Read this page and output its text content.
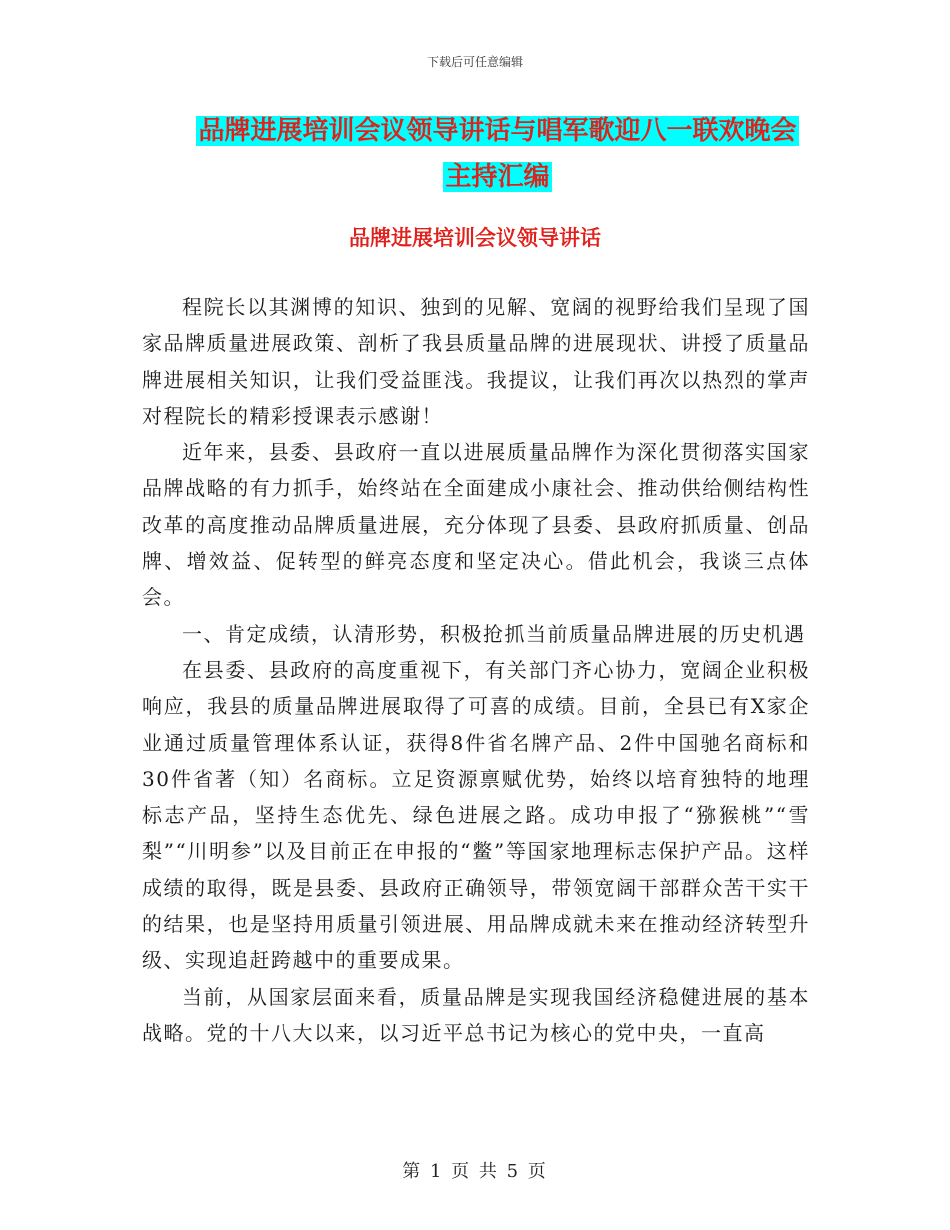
下载后可任意编辑
品牌进展培训会议领导讲话与唱军歌迎八一联欢晚会
主持汇编
品牌进展培训会议领导讲话

程院长以其渊博的知识、独到的见解、宽阔的视野给我们呈现了国家品牌质量进展政策、剖析了我县质量品牌的进展现状、讲授了质量品牌进展相关知识，让我们受益匪浅。我提议，让我们再次以热烈的掌声对程院长的精彩授课表示感谢！

近年来，县委、县政府一直以进展质量品牌作为深化贯彻落实国家品牌战略的有力抓手，始终站在全面建成小康社会、推动供给侧结构性改革的高度推动品牌质量进展，充分体现了县委、县政府抓质量、创品牌、增效益、促转型的鲜亮态度和坚定决心。借此机会，我谈三点体会。

一、肯定成绩，认清形势，积极抢抓当前质量品牌进展的历史机遇

在县委、县政府的高度重视下，有关部门齐心协力，宽阔企业积极响应，我县的质量品牌进展取得了可喜的成绩。目前，全县已有X家企业通过质量管理体系认证，获得8件省名牌产品、2件中国驰名商标和30件省著（知）名商标。立足资源禀赋优势，始终以培育独特的地理标志产品，坚持生态优先、绿色进展之路。成功申报了“猕猴桃”“雪梨”“川明参”以及目前正在申报的“鳖”等国家地理标志保护产品。这样成绩的取得，既是县委、县政府正确领导，带领宽阔干部群众苦干实干的结果，也是坚持用质量引领进展、用品牌成就未来在推动经济转型升级、实现追赶跨越中的重要成果。

当前，从国家层面来看，质量品牌是实现我国经济稳健进展的基本战略。党的十八大以来，以习近平总书记为核心的党中央，一直高

第 1 页 共 5 页
